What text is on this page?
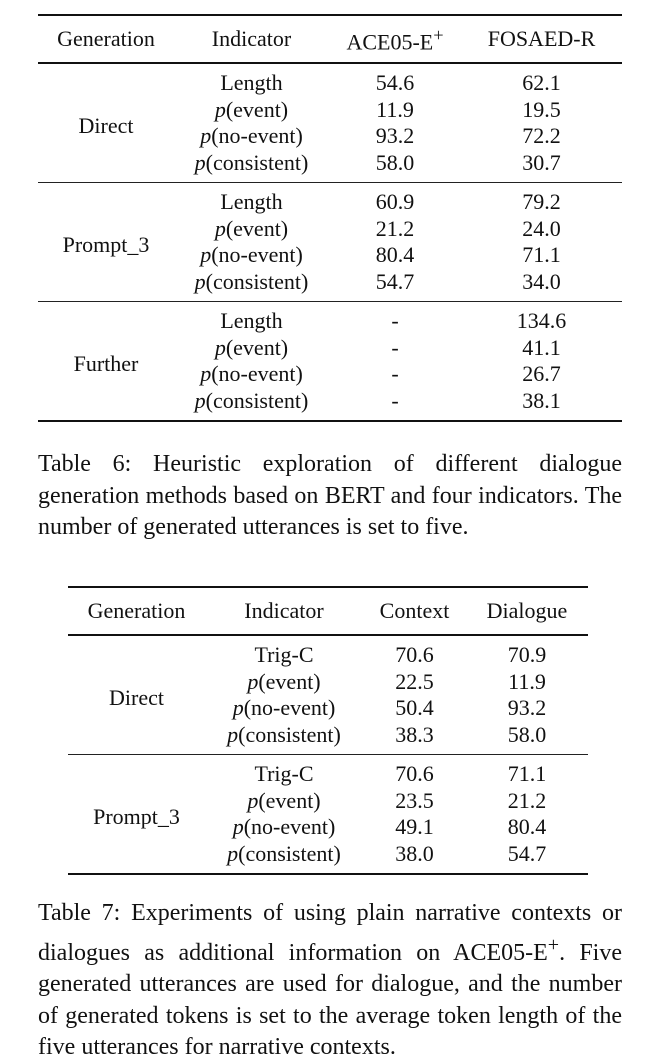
Generation	Indicator	ACE05-E+	FOSAED-R
Direct	Length	54.6	62.1
	p(event)	11.9	19.5
	p(no-event)	93.2	72.2
	p(consistent)	58.0	30.7
Prompt_3	Length	60.9	79.2
	p(event)	21.2	24.0
	p(no-event)	80.4	71.1
	p(consistent)	54.7	34.0
Further	Length	-	134.6
	p(event)	-	41.1
	p(no-event)	-	26.7
	p(consistent)	-	38.1

Table 6: Heuristic exploration of different dialogue generation methods based on BERT and four indicators. The number of generated utterances is set to five.

Generation	Indicator	Context	Dialogue
Direct	Trig-C	70.6	70.9
	p(event)	22.5	11.9
	p(no-event)	50.4	93.2
	p(consistent)	38.3	58.0
Prompt_3	Trig-C	70.6	71.1
	p(event)	23.5	21.2
	p(no-event)	49.1	80.4
	p(consistent)	38.0	54.7

Table 7: Experiments of using plain narrative contexts or dialogues as additional information on ACE05-E+. Five generated utterances are used for dialogue, and the number of generated tokens is set to the average token length of the five utterances for narrative contexts.
